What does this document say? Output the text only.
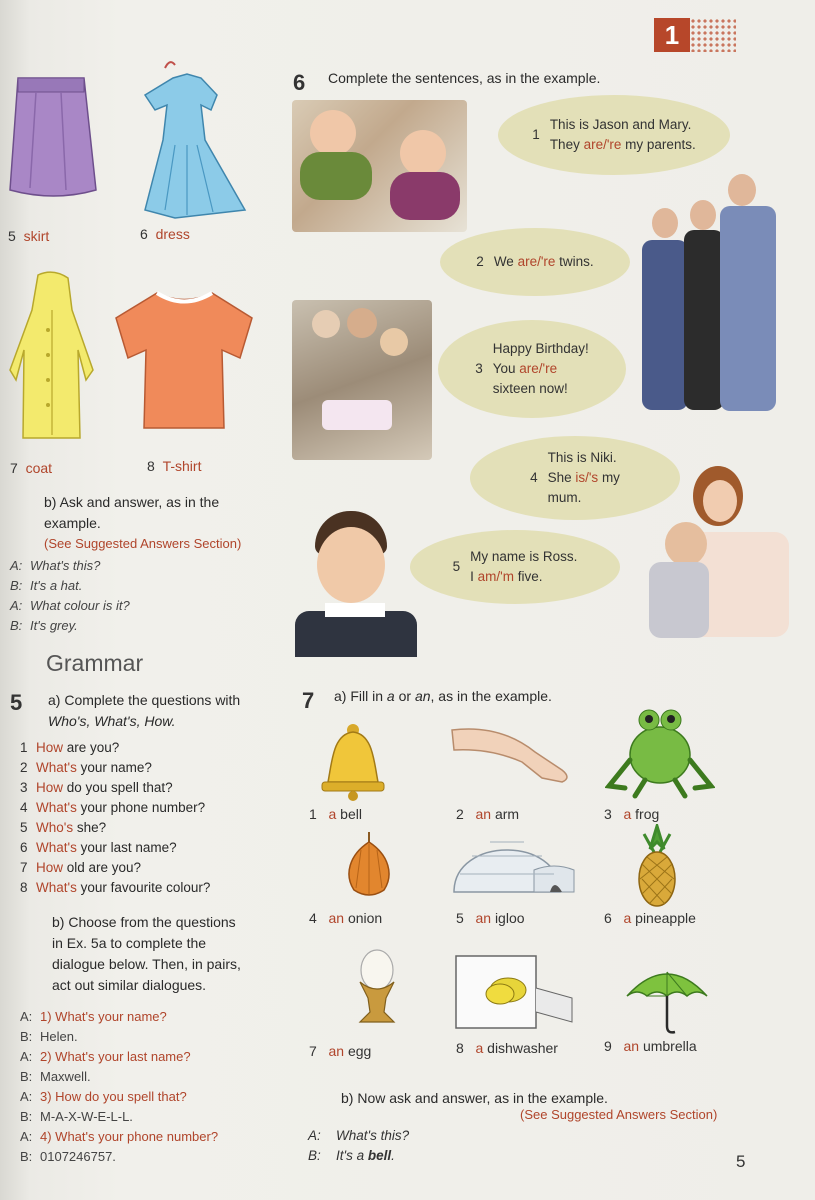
1
5 skirt	6 dress
7 coat	8 T-shirt
b) Ask and answer, as in the
example.
(See Suggested Answers Section)
A: What's this?
B: It's a hat.
A: What colour is it?
B: It's grey.
Grammar
5 a) Complete the questions with
Who's, What's, How.
1 How are you?
2 What's your name?
3 How do you spell that?
4 What's your phone number?
5 Who's she?
6 What's your last name?
7 How old are you?
8 What's your favourite colour?
b) Choose from the questions
in Ex. 5a to complete the
dialogue below. Then, in pairs,
act out similar dialogues.
A: 1) What's your name?
B: Helen.
A: 2) What's your last name?
B: Maxwell.
A: 3) How do you spell that?
B: M-A-X-W-E-L-L.
A: 4) What's your phone number?
B: 0107246757.
6 Complete the sentences, as in the example.
1
This is Jason and Mary.
They are/'re my parents.
2 We are/'re twins.
3
Happy Birthday!
You are/'re
sixteen now!
4
This is Niki.
She is/'s my
mum.
5
My name is Ross.
I am/'m five.
7 a) Fill in a or an, as in the example.
1 a bell	2 an arm	3 a frog
4 an onion	5 an igloo	6 a pineapple
7 an egg	8 a dishwasher	9 an umbrella
b) Now ask and answer, as in the example.
(See Suggested Answers Section)
A: What's this?
B: It's a bell.	5
